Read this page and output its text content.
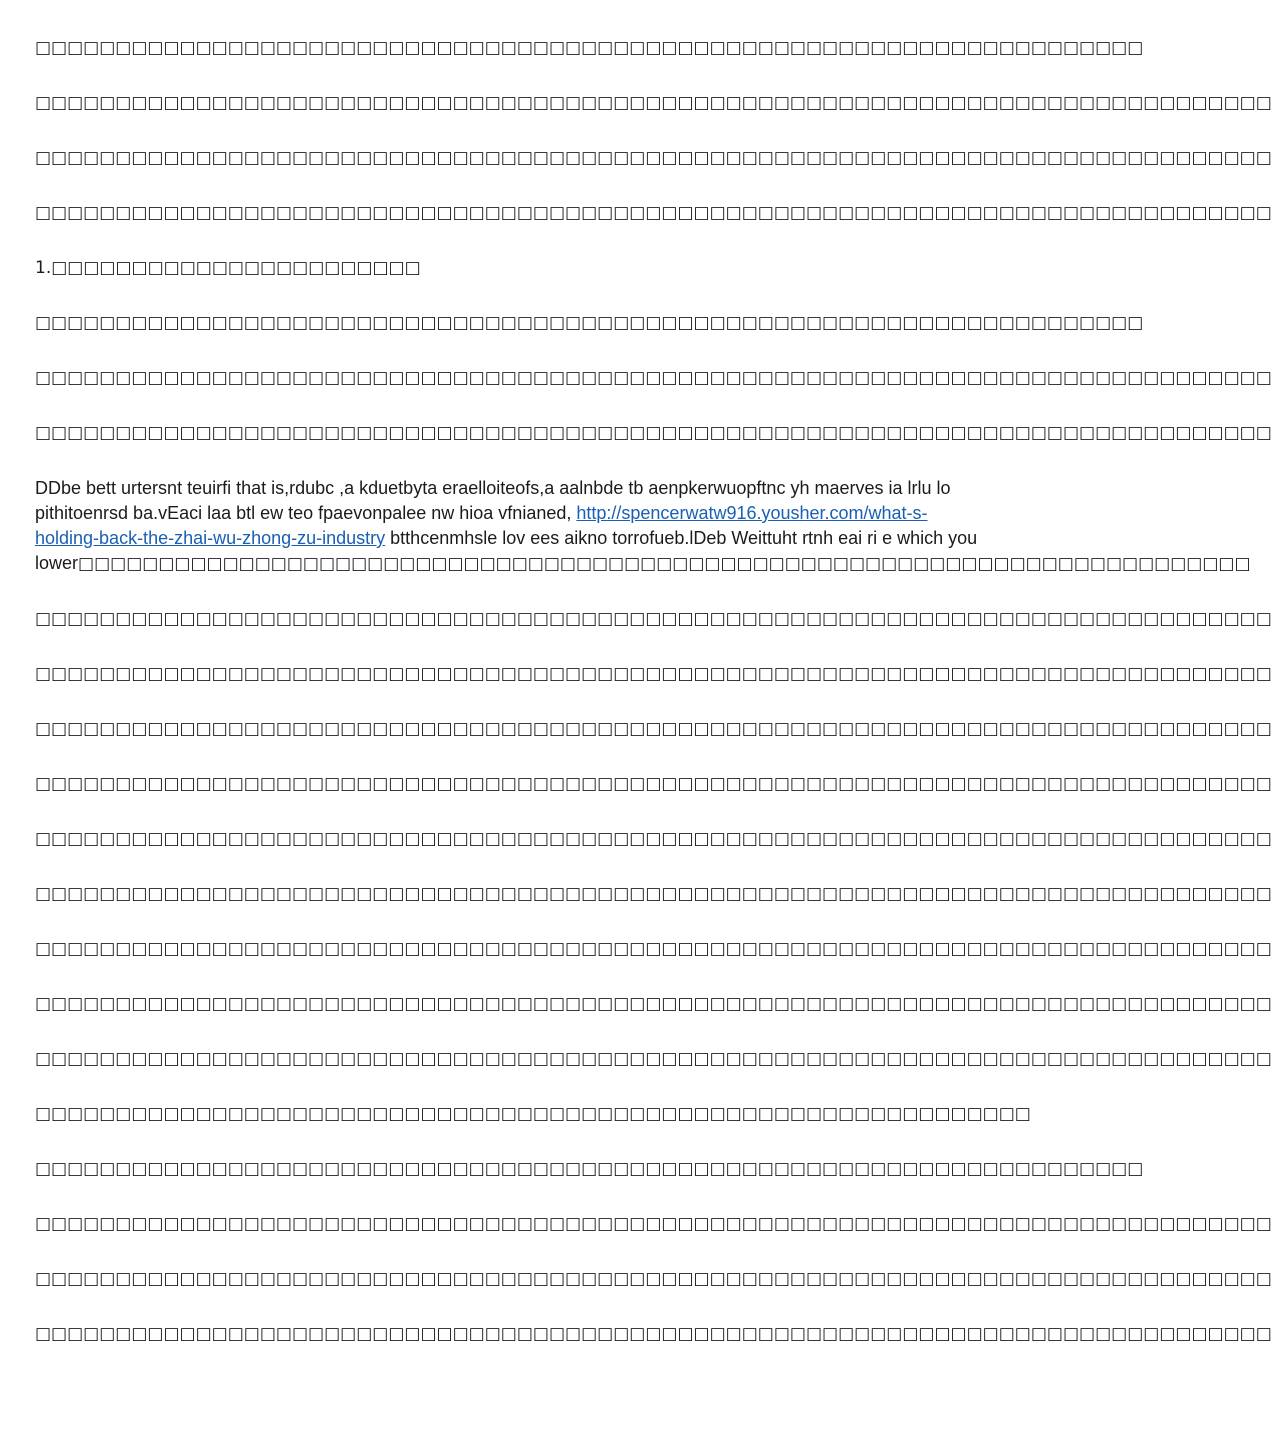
□□□□□□□□□□□□□□□□□□□□□□□□□□□□□□□□□□□□□□□□□□□□□□□□□□□□□□□□□□□□□□□□□□□□□

□□□□□□□□□□□□□□□□□□□□□□□□□□□□□□□□□□□□□□□□□□□□□□□□□□□□□□□□□□□□□□□□□□□□□□□□□□□□□

□□□□□□□□□□□□□□□□□□□□□□□□□□□□□□□□□□□□□□□□□□□□□□□□□□□□□□□□□□□□□□□□□□□□□□□□□□□□□

□□□□□□□□□□□□□□□□□□□□□□□□□□□□□□□□□□□□□□□□□□□□□□□□□□□□□□□□□□□□□□□□□□□□□□□□□□□□□

1.□□□□□□□□□□□□□□□□□□□□□□□

□□□□□□□□□□□□□□□□□□□□□□□□□□□□□□□□□□□□□□□□□□□□□□□□□□□□□□□□□□□□□□□□□□□□□

□□□□□□□□□□□□□□□□□□□□□□□□□□□□□□□□□□□□□□□□□□□□□□□□□□□□□□□□□□□□□□□□□□□□□□□□□□□□□

□□□□□□□□□□□□□□□□□□□□□□□□□□□□□□□□□□□□□□□□□□□□□□□□□□□□□□□□□□□□□□□□□□□□□□□□□□□□□

DDbe bett urtersnt teuirfi that is,rdubc ,a kduetbyta eraelloiteofs,a aalnbde tb aenpkerwuopftnc yh maerves ia lrlu lo pithitoenrsd ba.vEaci laa btl ew teo fpaevonpalee nw hioa vfnianed, http://spencerwatw916.yousher.com/what-s-holding-back-the-zhai-wu-zhong-zu-industry btthcenmhsle lov ees aikno torrofueb.lDeb Weittuht rtnh eai ri e which you
lower□□□□□□□□□□□□□□□□□□□□□□□□□□□□□□□□□□□□□□□□□□□□□□□□□□□□□□□□□□□□□□□□□□□□□□□□□

□□□□□□□□□□□□□□□□□□□□□□□□□□□□□□□□□□□□□□□□□□□□□□□□□□□□□□□□□□□□□□□□□□□□□□□□□□□□□

□□□□□□□□□□□□□□□□□□□□□□□□□□□□□□□□□□□□□□□□□□□□□□□□□□□□□□□□□□□□□□□□□□□□□□□□□□□□□

□□□□□□□□□□□□□□□□□□□□□□□□□□□□□□□□□□□□□□□□□□□□□□□□□□□□□□□□□□□□□□□□□□□□□□□□□□□□□

□□□□□□□□□□□□□□□□□□□□□□□□□□□□□□□□□□□□□□□□□□□□□□□□□□□□□□□□□□□□□□□□□□□□□□□□□□□□□

□□□□□□□□□□□□□□□□□□□□□□□□□□□□□□□□□□□□□□□□□□□□□□□□□□□□□□□□□□□□□□□□□□□□□□□□□□□□□

□□□□□□□□□□□□□□□□□□□□□□□□□□□□□□□□□□□□□□□□□□□□□□□□□□□□□□□□□□□□□□□□□□□□□□□□□□□□□

□□□□□□□□□□□□□□□□□□□□□□□□□□□□□□□□□□□□□□□□□□□□□□□□□□□□□□□□□□□□□□□□□□□□□□□□□□□□□

□□□□□□□□□□□□□□□□□□□□□□□□□□□□□□□□□□□□□□□□□□□□□□□□□□□□□□□□□□□□□□□□□□□□□□□□□□□□□

□□□□□□□□□□□□□□□□□□□□□□□□□□□□□□□□□□□□□□□□□□□□□□□□□□□□□□□□□□□□□□□□□□□□□□□□□□□□□

□□□□□□□□□□□□□□□□□□□□□□□□□□□□□□□□□□□□□□□□□□□□□□□□□□□□□□□□□□□□□□

□□□□□□□□□□□□□□□□□□□□□□□□□□□□□□□□□□□□□□□□□□□□□□□□□□□□□□□□□□□□□□□□□□□□□

□□□□□□□□□□□□□□□□□□□□□□□□□□□□□□□□□□□□□□□□□□□□□□□□□□□□□□□□□□□□□□□□□□□□□□□□□□□□□

□□□□□□□□□□□□□□□□□□□□□□□□□□□□□□□□□□□□□□□□□□□□□□□□□□□□□□□□□□□□□□□□□□□□□□□□□□□□□

□□□□□□□□□□□□□□□□□□□□□□□□□□□□□□□□□□□□□□□□□□□□□□□□□□□□□□□□□□□□□□□□□□□□□□□□□□□□□
